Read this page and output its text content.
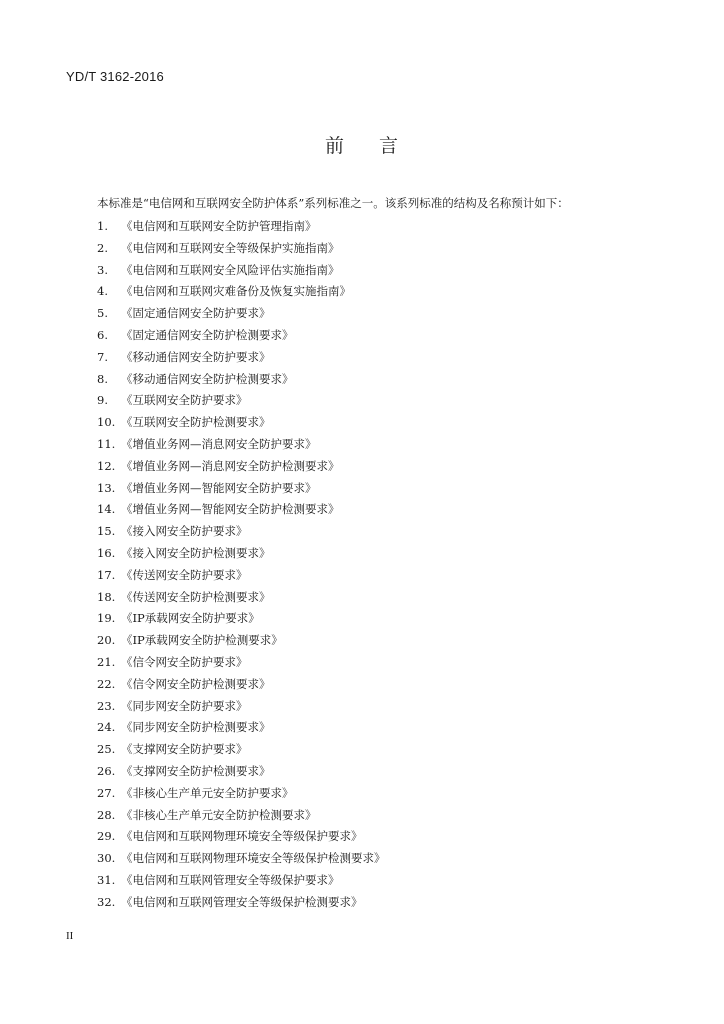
YD/T 3162-2016
前 言
本标准是“电信网和互联网安全防护体系”系列标准之一。该系列标准的结构及名称预计如下：
1.	《电信网和互联网安全防护管理指南》
2.	《电信网和互联网安全等级保护实施指南》
3.	《电信网和互联网安全风险评估实施指南》
4.	《电信网和互联网灾难备份及恢复实施指南》
5.	《固定通信网安全防护要求》
6.	《固定通信网安全防护检测要求》
7.	《移动通信网安全防护要求》
8.	《移动通信网安全防护检测要求》
9.	《互联网安全防护要求》
10. 《互联网安全防护检测要求》
11. 《增值业务网—消息网安全防护要求》
12. 《增值业务网—消息网安全防护检测要求》
13. 《增值业务网—智能网安全防护要求》
14. 《增值业务网—智能网安全防护检测要求》
15. 《接入网安全防护要求》
16. 《接入网安全防护检测要求》
17. 《传送网安全防护要求》
18. 《传送网安全防护检测要求》
19. 《IP承载网安全防护要求》
20. 《IP承载网安全防护检测要求》
21. 《信令网安全防护要求》
22. 《信令网安全防护检测要求》
23. 《同步网安全防护要求》
24. 《同步网安全防护检测要求》
25. 《支撑网安全防护要求》
26. 《支撑网安全防护检测要求》
27. 《非核心生产单元安全防护要求》
28. 《非核心生产单元安全防护检测要求》
29. 《电信网和互联网物理环境安全等级保护要求》
30. 《电信网和互联网物理环境安全等级保护检测要求》
31. 《电信网和互联网管理安全等级保护要求》
32. 《电信网和互联网管理安全等级保护检测要求》
II
